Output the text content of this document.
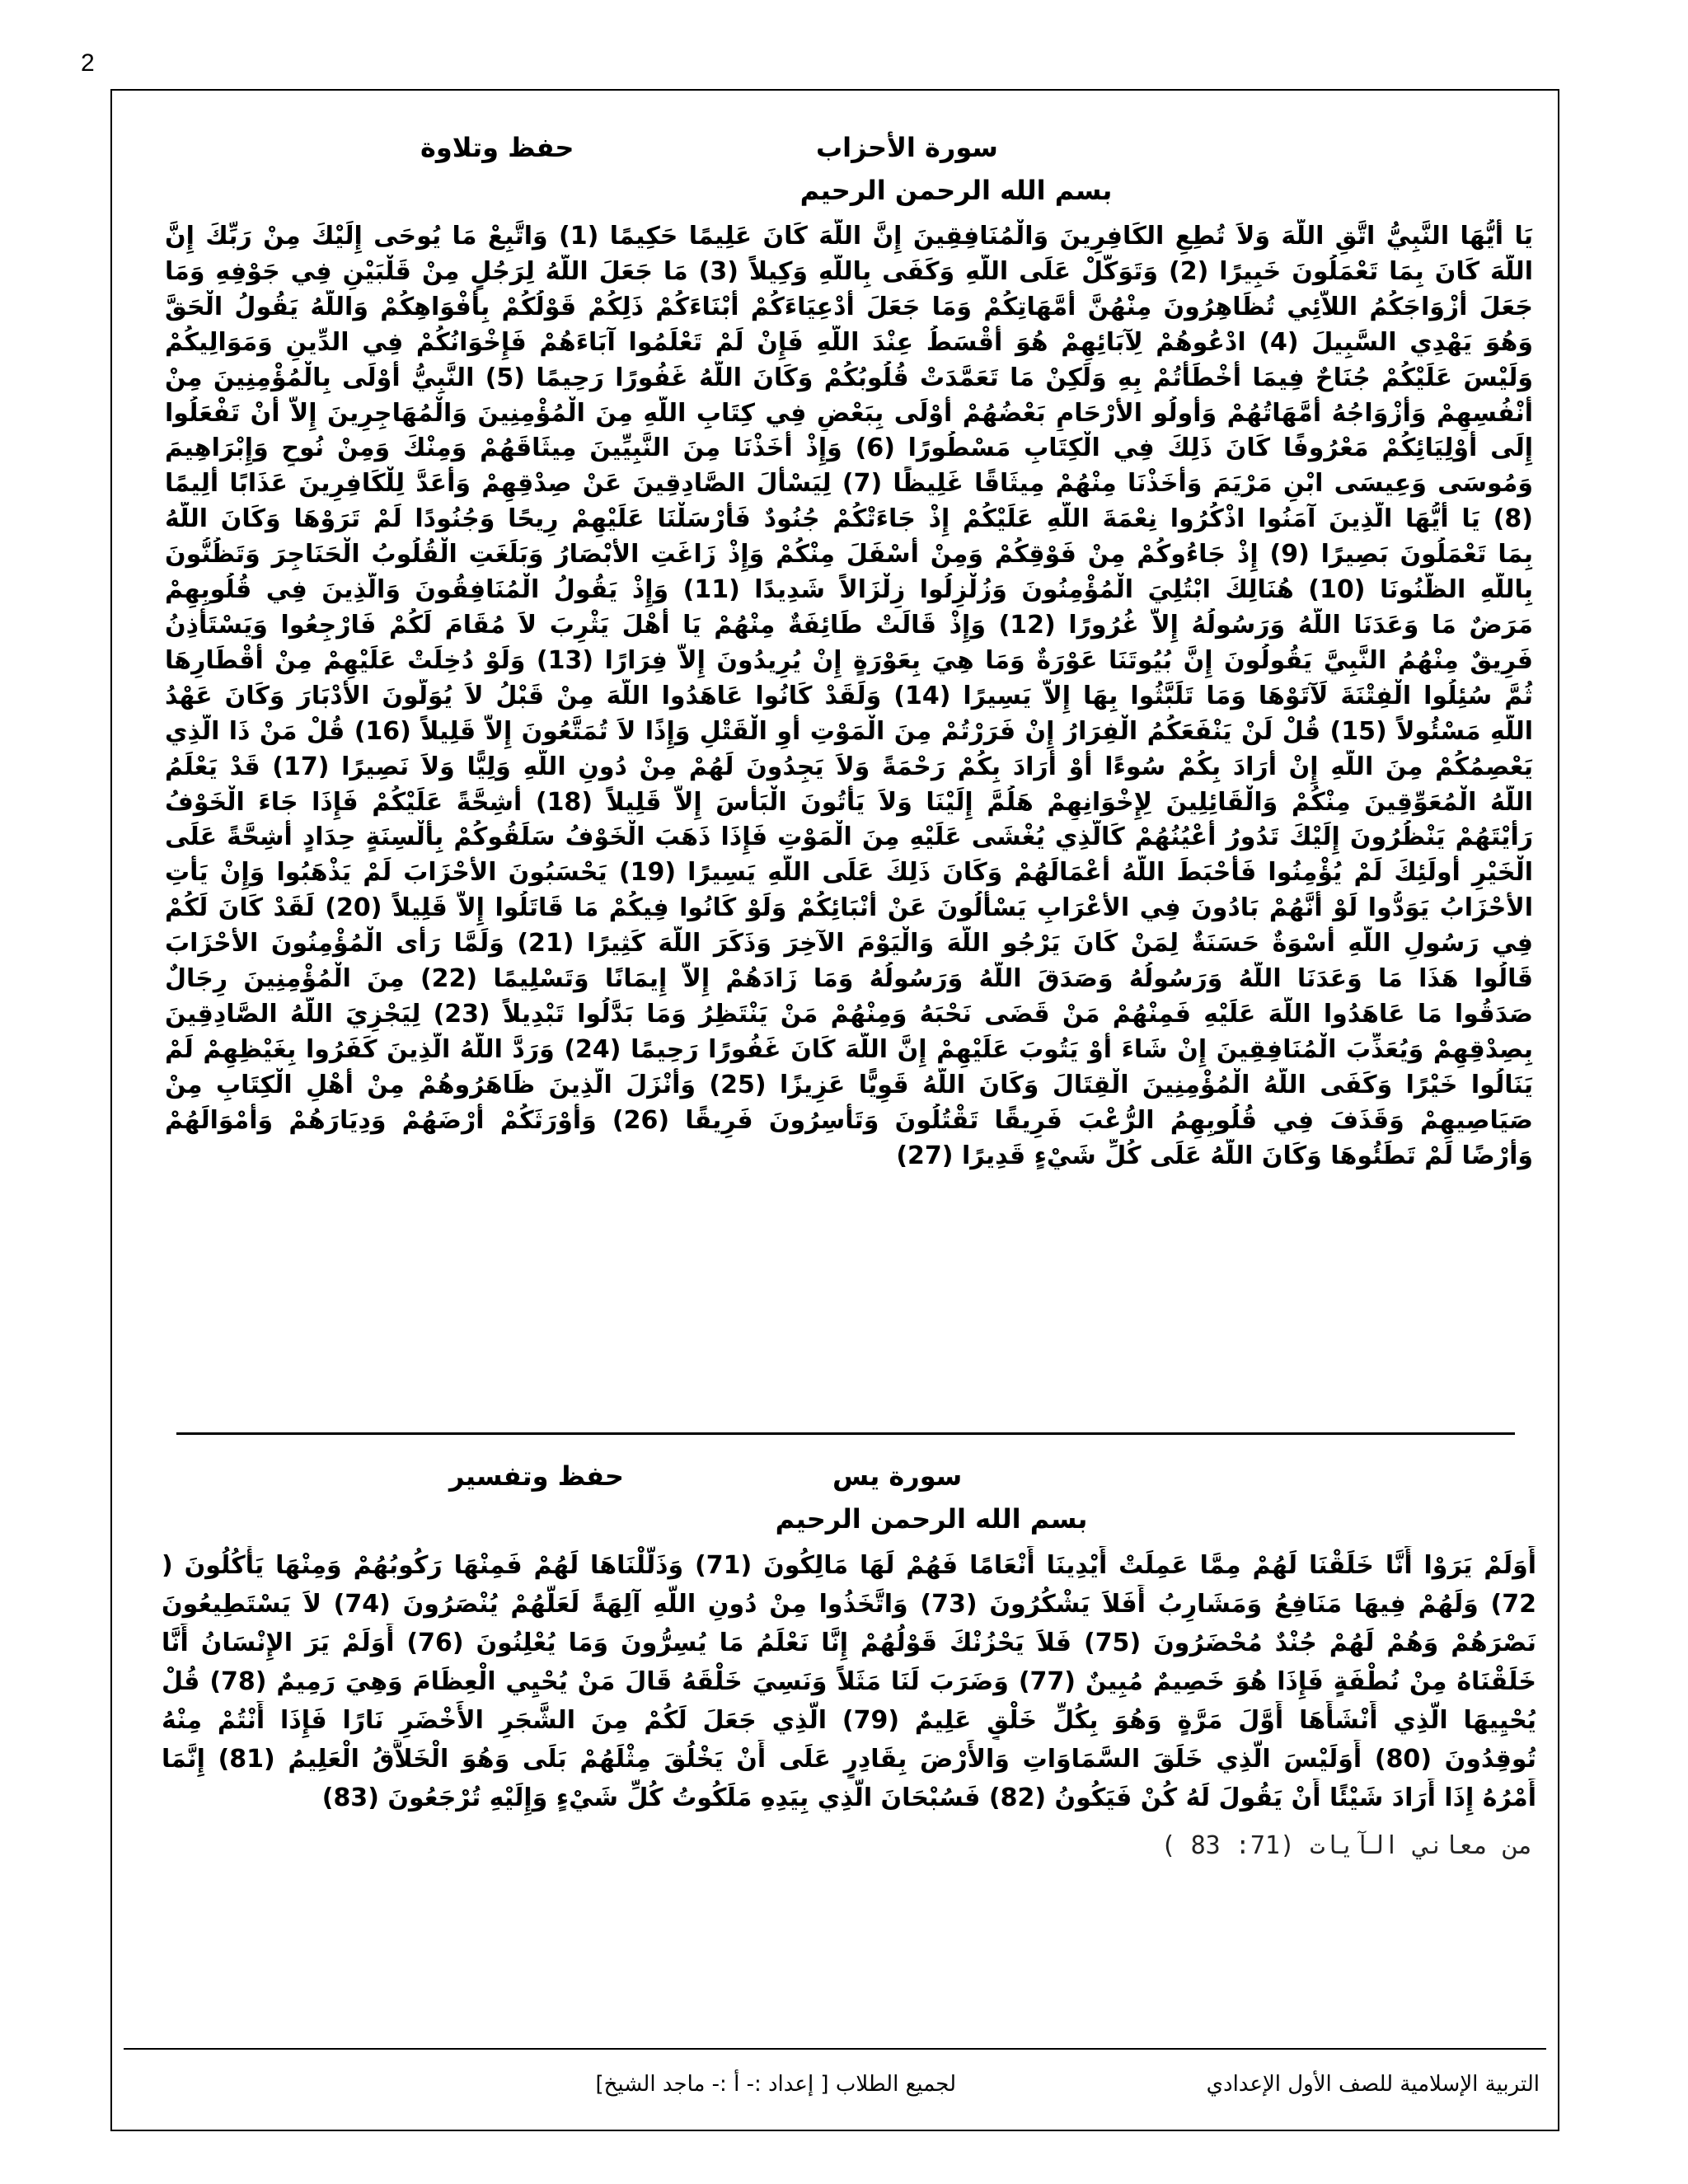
2
سورة الأحزاب
حفظ وتلاوة
بسم الله الرحمن الرحيم
يَا أَيُّهَا النَّبِيُّ اتَّقِ اللَّهَ وَلاَ تُطِعِ الكَافِرِينَ وَالْمُنَافِقِينَ إِنَّ اللَّهَ كَانَ عَلِيمًا حَكِيمًا (1) وَاتَّبِعْ مَا يُوحَى إِلَيْكَ مِنْ رَبِّكَ إِنَّ
اللَّهَ كَانَ بِمَا تَعْمَلُونَ خَبِيرًا (2) وَتَوَكَّلْ عَلَى اللَّهِ وَكَفَى بِاللَّهِ وَكِيلاً (3) مَا جَعَلَ اللَّهُ لِرَجُلٍ مِنْ قَلْبَيْنِ فِي جَوْفِهِ وَمَا
جَعَلَ أَزْوَاجَكُمُ اللاَّئِي تُظَاهِرُونَ مِنْهُنَّ أُمَّهَاتِكُمْ وَمَا جَعَلَ أَدْعِيَاءَكُمْ أَبْنَاءَكُمْ ذَلِكُمْ قَوْلُكُمْ بِأَفْوَاهِكُمْ وَاللَّهُ يَقُولُ الْحَقَّ
وَهُوَ يَهْدِي السَّبِيلَ (4) ادْعُوهُمْ لِآبَائِهِمْ هُوَ أَقْسَطُ عِنْدَ اللَّهِ فَإِنْ لَمْ تَعْلَمُوا آبَاءَهُمْ فَإِخْوَانُكُمْ فِي الدِّينِ وَمَوَالِيكُمْ
وَلَيْسَ عَلَيْكُمْ جُنَاحٌ فِيمَا أَخْطَأْتُمْ بِهِ وَلَكِنْ مَا تَعَمَّدَتْ قُلُوبُكُمْ وَكَانَ اللَّهُ غَفُورًا رَحِيمًا (5) النَّبِيُّ أَوْلَى بِالْمُؤْمِنِينَ مِنْ
أَنْفُسِهِمْ وَأَزْوَاجُهُ أُمَّهَاتُهُمْ وَأُولُو الأَرْحَامِ بَعْضُهُمْ أَوْلَى بِبَعْضٍ فِي كِتَابِ اللَّهِ مِنَ الْمُؤْمِنِينَ وَالْمُهَاجِرِينَ إِلاَّ أَنْ تَفْعَلُوا
إِلَى أَوْلِيَائِكُمْ مَعْرُوفًا كَانَ ذَلِكَ فِي الْكِتَابِ مَسْطُورًا (6) وَإِذْ أَخَذْنَا مِنَ النَّبِيِّينَ مِيثَاقَهُمْ وَمِنْكَ وَمِنْ نُوحٍ وَإِبْرَاهِيمَ
وَمُوسَى وَعِيسَى ابْنِ مَرْيَمَ وَأَخَذْنَا مِنْهُمْ مِيثَاقًا غَلِيظًا (7) لِيَسْأَلَ الصَّادِقِينَ عَنْ صِدْقِهِمْ وَأَعَدَّ لِلْكَافِرِينَ عَذَابًا أَلِيمًا
(8) يَا أَيُّهَا الَّذِينَ آمَنُوا اذْكُرُوا نِعْمَةَ اللَّهِ عَلَيْكُمْ إِذْ جَاءَتْكُمْ جُنُودٌ فَأَرْسَلْنَا عَلَيْهِمْ رِيحًا وَجُنُودًا لَمْ تَرَوْهَا وَكَانَ اللَّهُ
بِمَا تَعْمَلُونَ بَصِيرًا (9) إِذْ جَاءُوكُمْ مِنْ فَوْقِكُمْ وَمِنْ أَسْفَلَ مِنْكُمْ وَإِذْ زَاغَتِ الأَبْصَارُ وَبَلَغَتِ الْقُلُوبُ الْحَنَاجِرَ وَتَظُنُّونَ
بِاللَّهِ الظُّنُونَا (10) هُنَالِكَ ابْتُلِيَ الْمُؤْمِنُونَ وَزُلْزِلُوا زِلْزَالاً شَدِيدًا (11) وَإِذْ يَقُولُ الْمُنَافِقُونَ وَالَّذِينَ فِي قُلُوبِهِمْ
مَرَضٌ مَا وَعَدَنَا اللَّهُ وَرَسُولُهُ إِلاَّ غُرُورًا (12) وَإِذْ قَالَتْ طَائِفَةٌ مِنْهُمْ يَا أَهْلَ يَثْرِبَ لاَ مُقَامَ لَكُمْ فَارْجِعُوا وَيَسْتَأْذِنُ
فَرِيقٌ مِنْهُمُ النَّبِيَّ يَقُولُونَ إِنَّ بُيُوتَنَا عَوْرَةٌ وَمَا هِيَ بِعَوْرَةٍ إِنْ يُرِيدُونَ إِلاَّ فِرَارًا (13) وَلَوْ دُخِلَتْ عَلَيْهِمْ مِنْ أَقْطَارِهَا
ثُمَّ سُئِلُوا الْفِتْنَةَ لَآتَوْهَا وَمَا تَلَبَّثُوا بِهَا إِلاَّ يَسِيرًا (14) وَلَقَدْ كَانُوا عَاهَدُوا اللَّهَ مِنْ قَبْلُ لاَ يُوَلُّونَ الأَدْبَارَ وَكَانَ عَهْدُ
اللَّهِ مَسْئُولاً (15) قُلْ لَنْ يَنْفَعَكُمُ الْفِرَارُ إِنْ فَرَرْتُمْ مِنَ الْمَوْتِ أَوِ الْقَتْلِ وَإِذًا لاَ تُمَتَّعُونَ إِلاَّ قَلِيلاً (16) قُلْ مَنْ ذَا الَّذِي
يَعْصِمُكُمْ مِنَ اللَّهِ إِنْ أَرَادَ بِكُمْ سُوءًا أَوْ أَرَادَ بِكُمْ رَحْمَةً وَلاَ يَجِدُونَ لَهُمْ مِنْ دُونِ اللَّهِ وَلِيًّا وَلاَ نَصِيرًا (17) قَدْ يَعْلَمُ
اللَّهُ الْمُعَوِّقِينَ مِنْكُمْ وَالْقَائِلِينَ لِإِخْوَانِهِمْ هَلُمَّ إِلَيْنَا وَلاَ يَأْتُونَ الْبَأْسَ إِلاَّ قَلِيلاً (18) أَشِحَّةً عَلَيْكُمْ فَإِذَا جَاءَ الْخَوْفُ
رَأَيْتَهُمْ يَنْظُرُونَ إِلَيْكَ تَدُورُ أَعْيُنُهُمْ كَالَّذِي يُغْشَى عَلَيْهِ مِنَ الْمَوْتِ فَإِذَا ذَهَبَ الْخَوْفُ سَلَقُوكُمْ بِأَلْسِنَةٍ حِدَادٍ أَشِحَّةً عَلَى
الْخَيْرِ أُولَئِكَ لَمْ يُؤْمِنُوا فَأَحْبَطَ اللَّهُ أَعْمَالَهُمْ وَكَانَ ذَلِكَ عَلَى اللَّهِ يَسِيرًا (19) يَحْسَبُونَ الأَحْزَابَ لَمْ يَذْهَبُوا وَإِنْ يَأْتِ
الأَحْزَابُ يَوَدُّوا لَوْ أَنَّهُمْ بَادُونَ فِي الأَعْرَابِ يَسْأَلُونَ عَنْ أَنْبَائِكُمْ وَلَوْ كَانُوا فِيكُمْ مَا قَاتَلُوا إِلاَّ قَلِيلاً (20) لَقَدْ كَانَ لَكُمْ
فِي رَسُولِ اللَّهِ أُسْوَةٌ حَسَنَةٌ لِمَنْ كَانَ يَرْجُو اللَّهَ وَالْيَوْمَ الآخِرَ وَذَكَرَ اللَّهَ كَثِيرًا (21) وَلَمَّا رَأَى الْمُؤْمِنُونَ الأَحْزَابَ
قَالُوا هَذَا مَا وَعَدَنَا اللَّهُ وَرَسُولُهُ وَصَدَقَ اللَّهُ وَرَسُولُهُ وَمَا زَادَهُمْ إِلاَّ إِيمَانًا وَتَسْلِيمًا (22) مِنَ الْمُؤْمِنِينَ رِجَالٌ
صَدَقُوا مَا عَاهَدُوا اللَّهَ عَلَيْهِ فَمِنْهُمْ مَنْ قَضَى نَحْبَهُ وَمِنْهُمْ مَنْ يَنْتَظِرُ وَمَا بَدَّلُوا تَبْدِيلاً (23) لِيَجْزِيَ اللَّهُ الصَّادِقِينَ
بِصِدْقِهِمْ وَيُعَذِّبَ الْمُنَافِقِينَ إِنْ شَاءَ أَوْ يَتُوبَ عَلَيْهِمْ إِنَّ اللَّهَ كَانَ غَفُورًا رَحِيمًا (24) وَرَدَّ اللَّهُ الَّذِينَ كَفَرُوا بِغَيْظِهِمْ لَمْ
يَنَالُوا خَيْرًا وَكَفَى اللَّهُ الْمُؤْمِنِينَ الْقِتَالَ وَكَانَ اللَّهُ قَوِيًّا عَزِيزًا (25) وَأَنْزَلَ الَّذِينَ ظَاهَرُوهُمْ مِنْ أَهْلِ الْكِتَابِ مِنْ
صَيَاصِيهِمْ وَقَذَفَ فِي قُلُوبِهِمُ الرُّعْبَ فَرِيقًا تَقْتُلُونَ وَتَأْسِرُونَ فَرِيقًا (26) وَأَوْرَثَكُمْ أَرْضَهُمْ وَدِيَارَهُمْ وَأَمْوَالَهُمْ
وَأَرْضًا لَمْ تَطَئُوهَا وَكَانَ اللَّهُ عَلَى كُلِّ شَيْءٍ قَدِيرًا (27)
سورة يس
حفظ وتفسير
بسم الله الرحمن الرحيم
أَوَلَمْ يَرَوْا أَنَّا خَلَقْنَا لَهُمْ مِمَّا عَمِلَتْ أَيْدِينَا أَنْعَامًا فَهُمْ لَهَا مَالِكُونَ (71) وَذَلَّلْنَاهَا لَهُمْ فَمِنْهَا رَكُوبُهُمْ وَمِنْهَا يَأْكُلُونَ (
72) وَلَهُمْ فِيهَا مَنَافِعُ وَمَشَارِبُ أَفَلاَ يَشْكُرُونَ (73) وَاتَّخَذُوا مِنْ دُونِ اللَّهِ آلِهَةً لَعَلَّهُمْ يُنْصَرُونَ (74) لاَ يَسْتَطِيعُونَ
نَصْرَهُمْ وَهُمْ لَهُمْ جُنْدٌ مُحْضَرُونَ (75) فَلاَ يَحْزُنْكَ قَوْلُهُمْ إِنَّا نَعْلَمُ مَا يُسِرُّونَ وَمَا يُعْلِنُونَ (76) أَوَلَمْ يَرَ الإِنْسَانُ أَنَّا
خَلَقْنَاهُ مِنْ نُطْفَةٍ فَإِذَا هُوَ خَصِيمٌ مُبِينٌ (77) وَضَرَبَ لَنَا مَثَلاً وَنَسِيَ خَلْقَهُ قَالَ مَنْ يُحْيِي الْعِظَامَ وَهِيَ رَمِيمٌ (78) قُلْ
يُحْيِيهَا الَّذِي أَنْشَأَهَا أَوَّلَ مَرَّةٍ وَهُوَ بِكُلِّ خَلْقٍ عَلِيمٌ (79) الَّذِي جَعَلَ لَكُمْ مِنَ الشَّجَرِ الأَخْضَرِ نَارًا فَإِذَا أَنْتُمْ مِنْهُ
تُوقِدُونَ (80) أَوَلَيْسَ الَّذِي خَلَقَ السَّمَاوَاتِ وَالأَرْضَ بِقَادِرٍ عَلَى أَنْ يَخْلُقَ مِثْلَهُمْ بَلَى وَهُوَ الْخَلاَّقُ الْعَلِيمُ (81) إِنَّمَا
أَمْرُهُ إِذَا أَرَادَ شَيْئًا أَنْ يَقُولَ لَهُ كُنْ فَيَكُونُ (82) فَسُبْحَانَ الَّذِي بِيَدِهِ مَلَكُوتُ كُلِّ شَيْءٍ وَإِلَيْهِ تُرْجَعُونَ (83)
من معاني الآيات (71: 83 )
التربية الإسلامية للصف الأول الإعدادي
لجميع الطلاب [ إعداد :- أ :- ماجد الشيخ]
